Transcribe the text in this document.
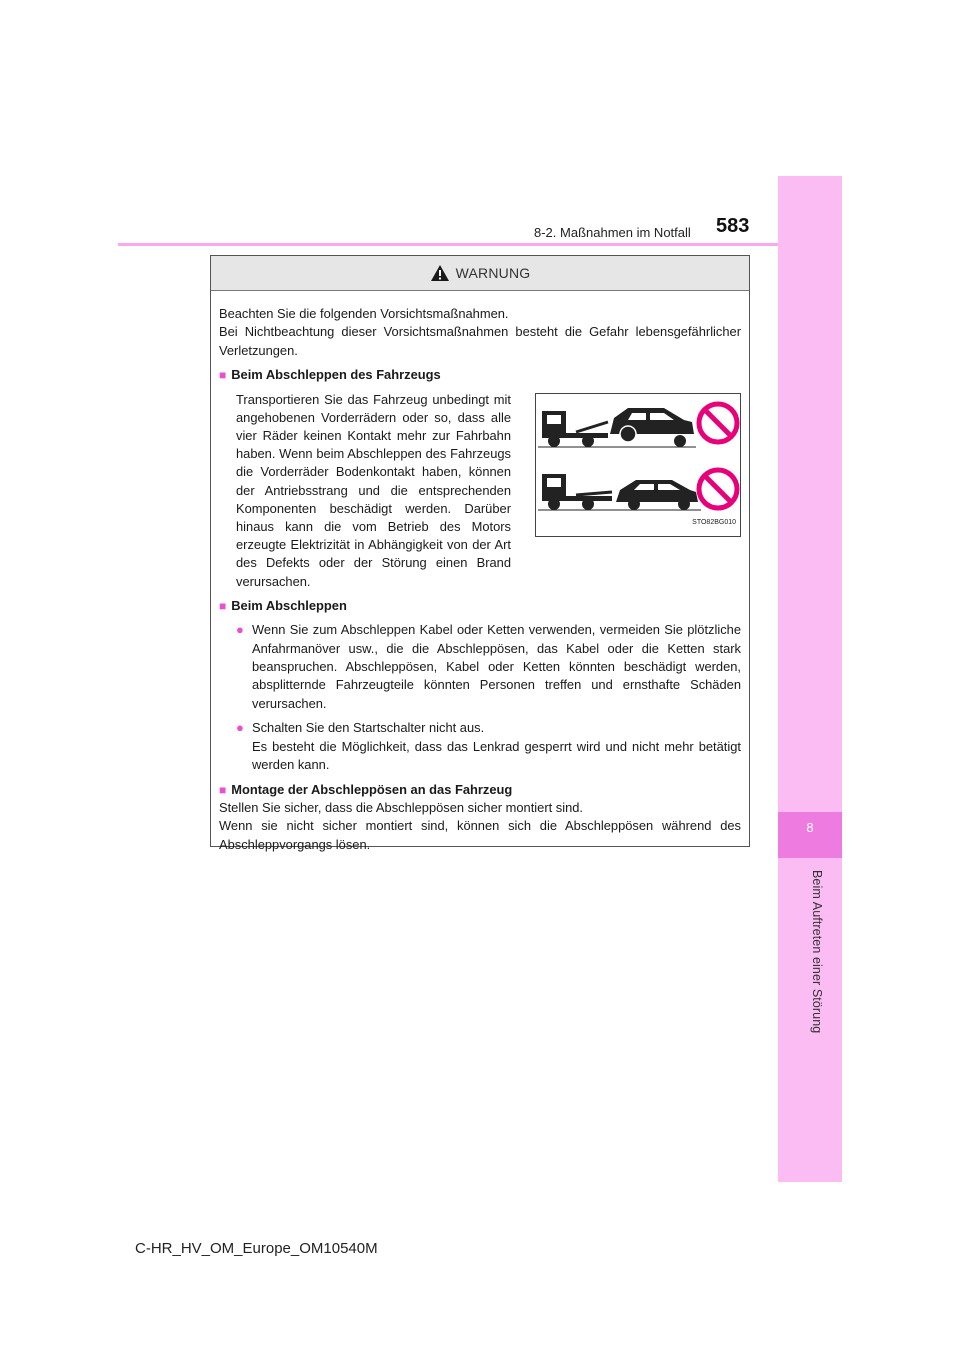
8
Beim Auftreten einer Störung
8-2. Maßnahmen im Notfall 583
WARNUNG

Beachten Sie die folgenden Vorsichtsmaßnahmen.

Bei Nichtbeachtung dieser Vorsichtsmaßnahmen besteht die Gefahr lebensgefährlicher Verletzungen.

■ Beim Abschleppen des Fahrzeugs
Transportieren Sie das Fahrzeug unbedingt mit angehobenen Vorderrädern oder so, dass alle vier Räder keinen Kontakt mehr zur Fahrbahn haben. Wenn beim Abschleppen des Fahrzeugs die Vorderräder Bodenkontakt haben, können der Antriebsstrang und die entsprechenden Komponenten beschädigt werden. Darüber hinaus kann die vom Betrieb des Motors erzeugte Elektrizität in Abhängigkeit von der Art des Defekts oder der Störung einen Brand verursachen.
STO82BG010
■ Beim Abschleppen
● Wenn Sie zum Abschleppen Kabel oder Ketten verwenden, vermeiden Sie plötzliche Anfahrmanöver usw., die die Abschleppösen, das Kabel oder die Ketten stark beanspruchen. Abschleppösen, Kabel oder Ketten könnten beschädigt werden, absplitternde Fahrzeugteile könnten Personen treffen und ernsthafte Schäden verursachen.
● Schalten Sie den Startschalter nicht aus.
Es besteht die Möglichkeit, dass das Lenkrad gesperrt wird und nicht mehr betätigt werden kann.
■ Montage der Abschleppösen an das Fahrzeug

Stellen Sie sicher, dass die Abschleppösen sicher montiert sind.

Wenn sie nicht sicher montiert sind, können sich die Abschleppösen während des Abschleppvorgangs lösen.

C-HR_HV_OM_Europe_OM10540M
